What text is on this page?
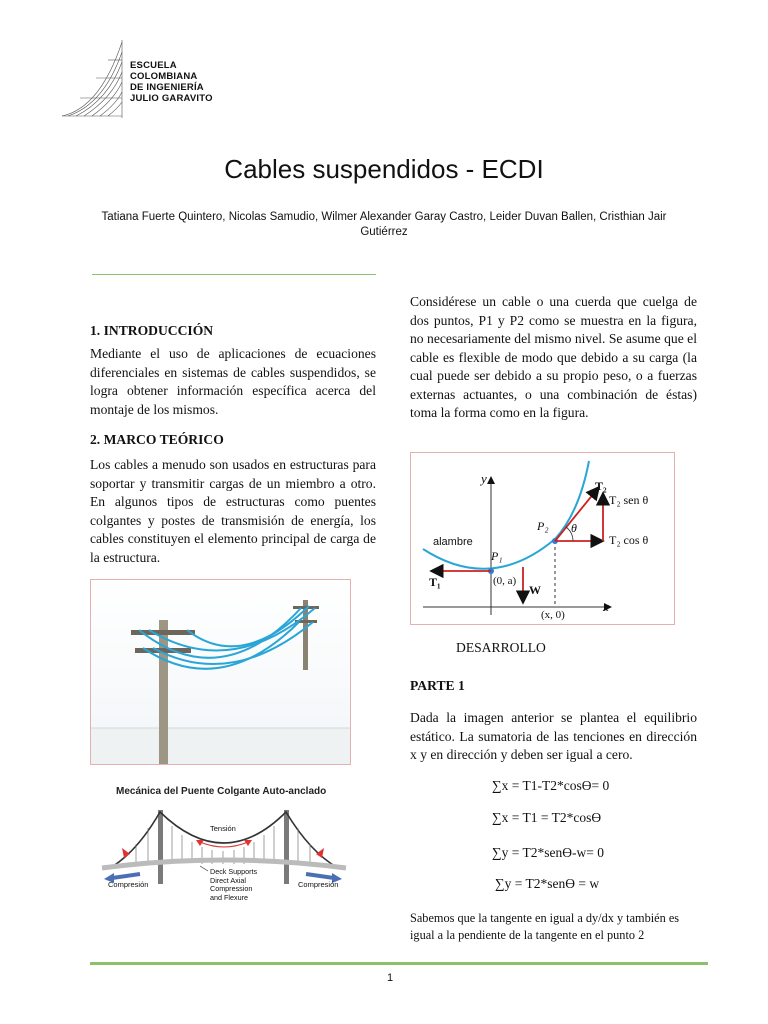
ESCUELA
COLOMBIANA
DE INGENIERÍA
JULIO GARAVITO
Cables suspendidos - ECDI
Tatiana Fuerte Quintero, Nicolas Samudio, Wilmer Alexander Garay Castro, Leider Duvan Ballen, Cristhian Jair Gutiérrez
1. INTRODUCCIÓN
Mediante el uso de aplicaciones de ecuaciones diferenciales en sistemas de cables suspendidos, se logra obtener información específica acerca del montaje de los mismos.
2. MARCO TEÓRICO
Los cables a menudo son usados en estructuras para soportar y transmitir cargas de un miembro a otro. En algunos tipos de estructuras como puentes colgantes y postes de transmisión de energía, los cables constituyen el elemento principal de carga de la estructura.
Mecánica del Puente Colgante Auto-anclado
Tensión
Compresión	Compresión
Deck Supports
Direct Axial
Compression
and Flexure
Considérese un cable o una cuerda que cuelga de dos puntos, P1 y P2 como se muestra en la figura, no necesariamente del mismo nivel. Se asume que el cable es flexible de modo que debido a su carga (la cual puede ser debido a su propio peso, o a fuerzas externas actuantes, o una combinación de éstas) toma la forma como en la figura.
y
x
alambre
P₁
P₂
T₁
T₂
W
θ
T₂ sen θ
T₂ cos θ
(0, a)
(x, 0)
DESARROLLO
PARTE 1
Dada la imagen anterior se plantea el equilibrio estático. La sumatoria de las tenciones en dirección x y en dirección y deben ser igual a cero.
∑x = T1-T2*cosϴ= 0
∑x = T1 = T2*cosϴ
∑y = T2*senϴ-w= 0
∑y = T2*senϴ = w
Sabemos que la tangente en igual a dy/dx y también es igual a la pendiente de la tangente en el punto 2
1
